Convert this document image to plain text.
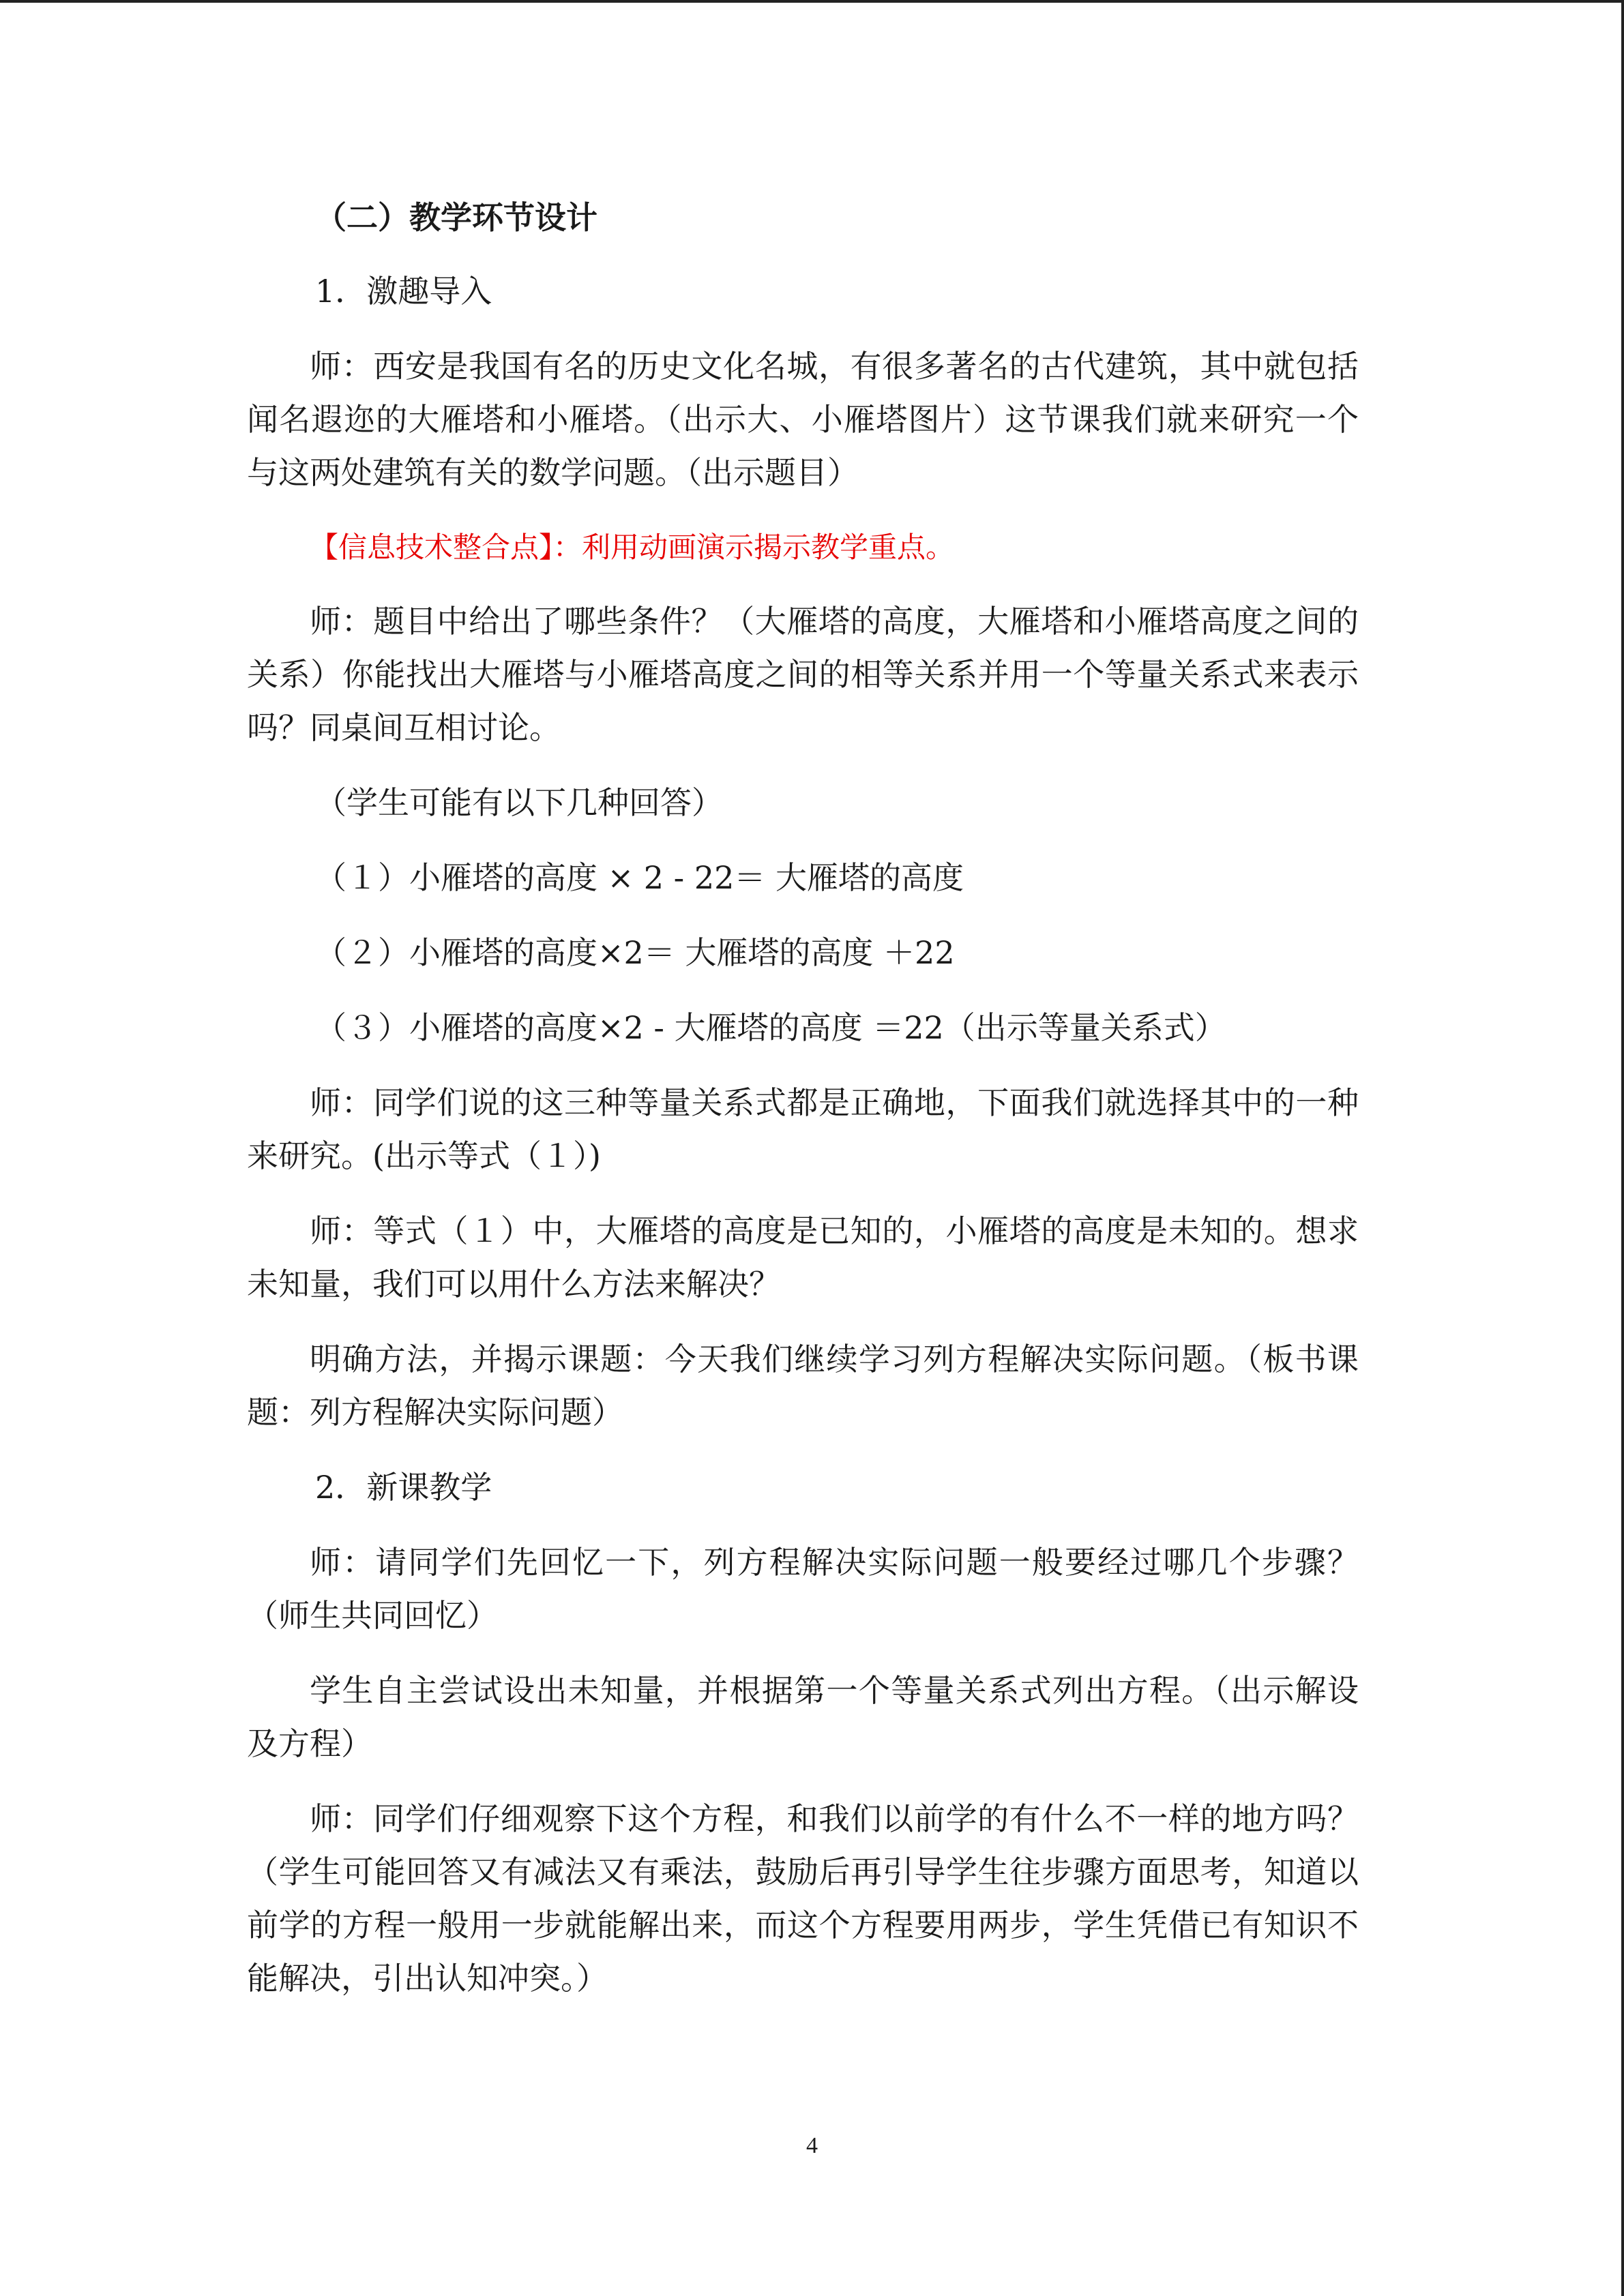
（二）教学环节设计
1．激趣导入

师：西安是我国有名的历史文化名城，有很多著名的古代建筑，其中就包括闻名遐迩的大雁塔和小雁塔。（出示大、小雁塔图片）这节课我们就来研究一个与这两处建筑有关的数学问题。（出示题目）

【信息技术整合点】：利用动画演示揭示教学重点。

师：题目中给出了哪些条件？（大雁塔的高度，大雁塔和小雁塔高度之间的关系）你能找出大雁塔与小雁塔高度之间的相等关系并用一个等量关系式来表示吗？同桌间互相讨论。

（学生可能有以下几种回答）
（１）小雁塔的高度 × 2 - 22＝ 大雁塔的高度
（２）小雁塔的高度×2＝ 大雁塔的高度 ＋22
（３）小雁塔的高度×2 - 大雁塔的高度 ＝22（出示等量关系式）

师：同学们说的这三种等量关系式都是正确地，下面我们就选择其中的一种来研究。(出示等式（１）)

师：等式（１）中，大雁塔的高度是已知的，小雁塔的高度是未知的。想求未知量，我们可以用什么方法来解决？

明确方法，并揭示课题：今天我们继续学习列方程解决实际问题。（板书课题：列方程解决实际问题）

2．新课教学

师：请同学们先回忆一下，列方程解决实际问题一般要经过哪几个步骤？（师生共同回忆）

学生自主尝试设出未知量，并根据第一个等量关系式列出方程。（出示解设及方程）

师：同学们仔细观察下这个方程，和我们以前学的有什么不一样的地方吗？（学生可能回答又有减法又有乘法，鼓励后再引导学生往步骤方面思考，知道以前学的方程一般用一步就能解出来，而这个方程要用两步，学生凭借已有知识不能解决，引出认知冲突。）

4
